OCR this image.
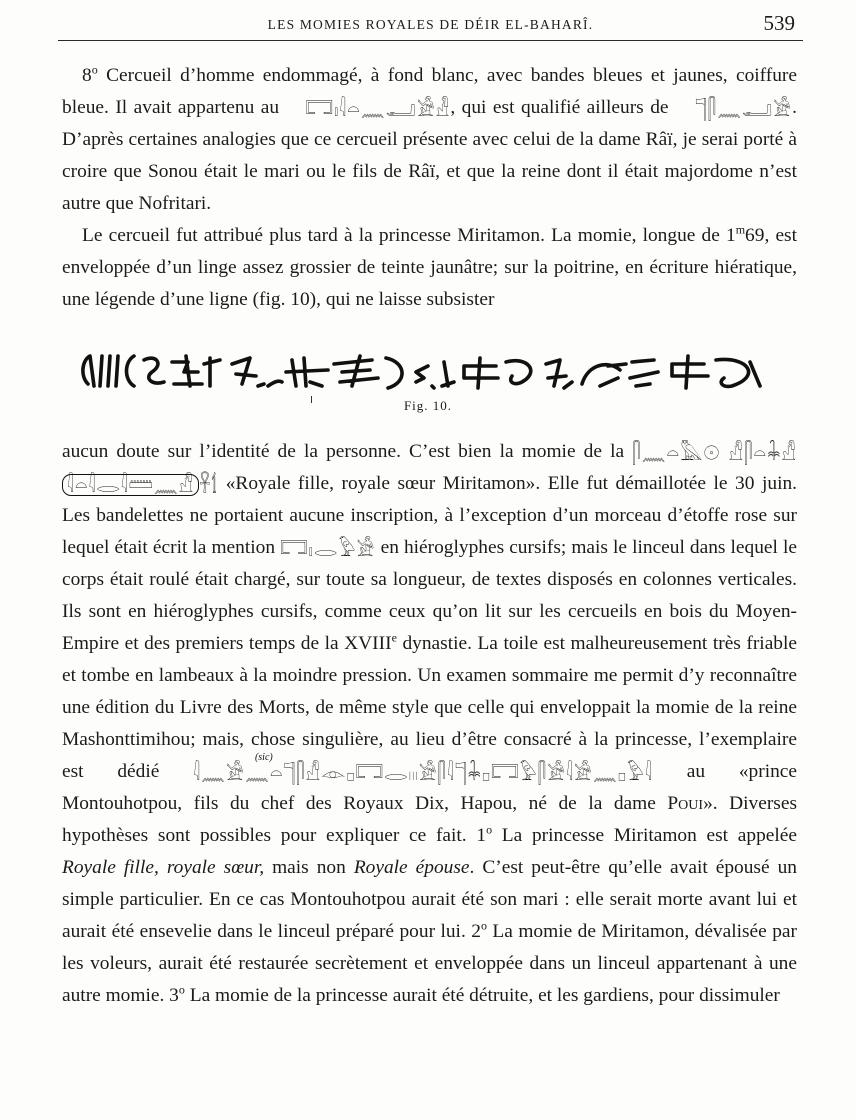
LES MOMIES ROYALES DE DÉIR EL-BAHARÎ.	539

8$^o$ Cercueil d’homme endommagé, à fond blanc, avec bandes bleues et jaunes, coiffure bleue. Il avait appartenu au 𓉐𓏤𓇋𓏏𓈖𓂝𓀀𓁐, qui est qualifié ailleurs de 𓊹𓋴𓈖𓂝𓀀. D’après certaines analogies que ce cercueil présente avec celui de la dame Râï, je serai porté à croire que Sonou était le mari ou le fils de Râï, et que la reine dont il était majordome n’est autre que Nofritari.

Le cercueil fut attribué plus tard à la princesse Miritamon. La momie, longue de 1$^m$69, est enveloppée d’un linge assez grossier de teinte jaunâtre; sur la poitrine, en écriture hiératique, une légende d’une ligne (fig. 10), qui ne laisse subsister

Fig. 10.

aucun doute sur l’identité de la personne. C’est bien la momie de la 𓋴𓈖𓏏𓅓𓇳 𓀭𓋴𓏏𓇓𓀭𓇋𓏏𓇋𓂋𓇋𓏠𓈖𓀭 𓋹𓌀 «Royale fille, royale sœur Miritamon». Elle fut démaillotée le 30 juin. Les bandelettes ne portaient aucune inscription, à l’exception d’un morceau d’étoffe rose sur lequel était écrit la mention 𓉐𓏤𓂋𓅱𓀀 en hiéroglyphes cursifs; mais le linceul dans lequel le corps était roulé était chargé, sur toute sa longueur, de textes disposés en colonnes verticales. Ils sont en hiéroglyphes cursifs, comme ceux qu’on lit sur les cercueils en bois du Moyen-Empire et des premiers temps de la XVIIIe dynastie. La toile est malheureusement très friable et tombe en lambeaux à la moindre pression. Un examen sommaire me permit d’y reconnaître une édition du Livre des Morts, de même style que celle qui enveloppait la momie de la reine Mashonttimihou; mais, chose singulière, au lieu d’être consacré à la princesse, l’exemplaire est dédié 𓇋𓈖𓀀
(sic)
𓈖𓏏𓊹𓋴𓀭𓁹𓊪𓉐𓂋𓏺𓏺𓏺𓀀𓋴𓇋𓊹𓇓𓊪𓉐𓅱𓋴𓀀𓇋𓀀𓈖𓊪𓅱𓇋 au «prince Montouhotpou, fils du chef des Royaux Dix, Hapou, né de la dame Poui». Diverses hypothèses sont possibles pour expliquer ce fait. 1$^o$ La princesse Miritamon est appelée Royale fille, royale sœur, mais non Royale épouse. C’est peut-être qu’elle avait épousé un simple particulier. En ce cas Montouhotpou aurait été son mari : elle serait morte avant lui et aurait été ensevelie dans le linceul préparé pour lui. 2$^o$ La momie de Miritamon, dévalisée par les voleurs, aurait été restaurée secrètement et enveloppée dans un linceul appartenant à une autre momie. 3$^o$ La momie de la princesse aurait été détruite, et les gardiens, pour dissimuler
